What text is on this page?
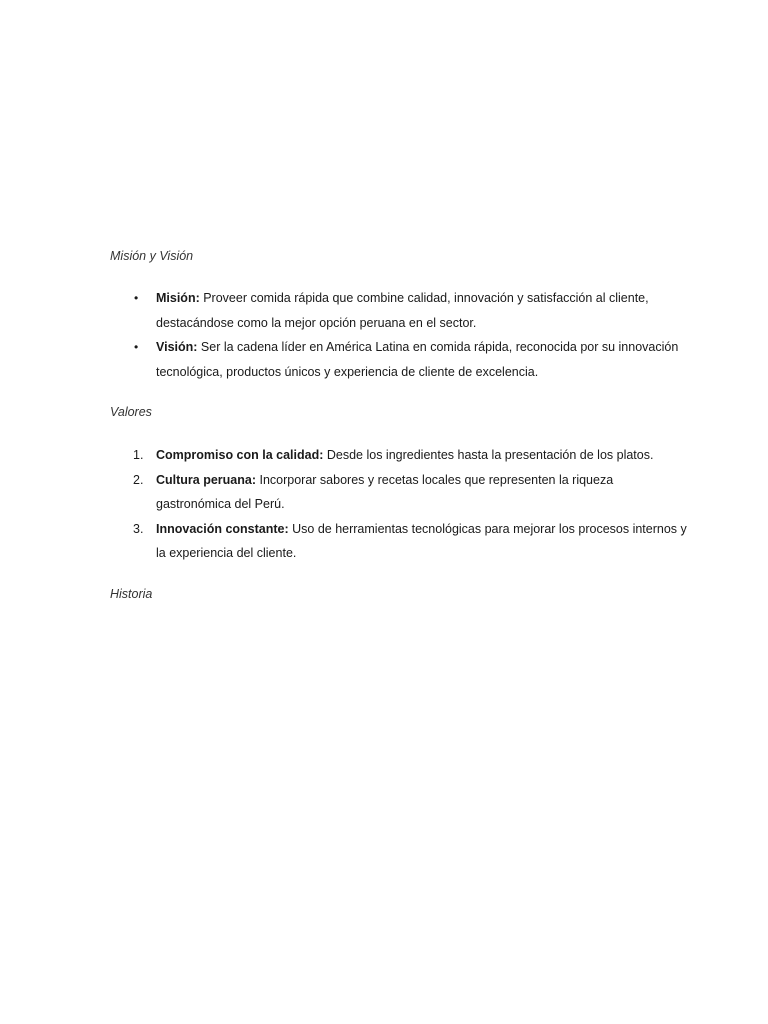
Misión y Visión
• Misión: Proveer comida rápida que combine calidad, innovación y satisfacción al cliente, destacándose como la mejor opción peruana en el sector.
• Visión: Ser la cadena líder en América Latina en comida rápida, reconocida por su innovación tecnológica, productos únicos y experiencia de cliente de excelencia.
Valores
1. Compromiso con la calidad: Desde los ingredientes hasta la presentación de los platos.
2. Cultura peruana: Incorporar sabores y recetas locales que representen la riqueza gastronómica del Perú.
3. Innovación constante: Uso de herramientas tecnológicas para mejorar los procesos internos y la experiencia del cliente.
Historia
